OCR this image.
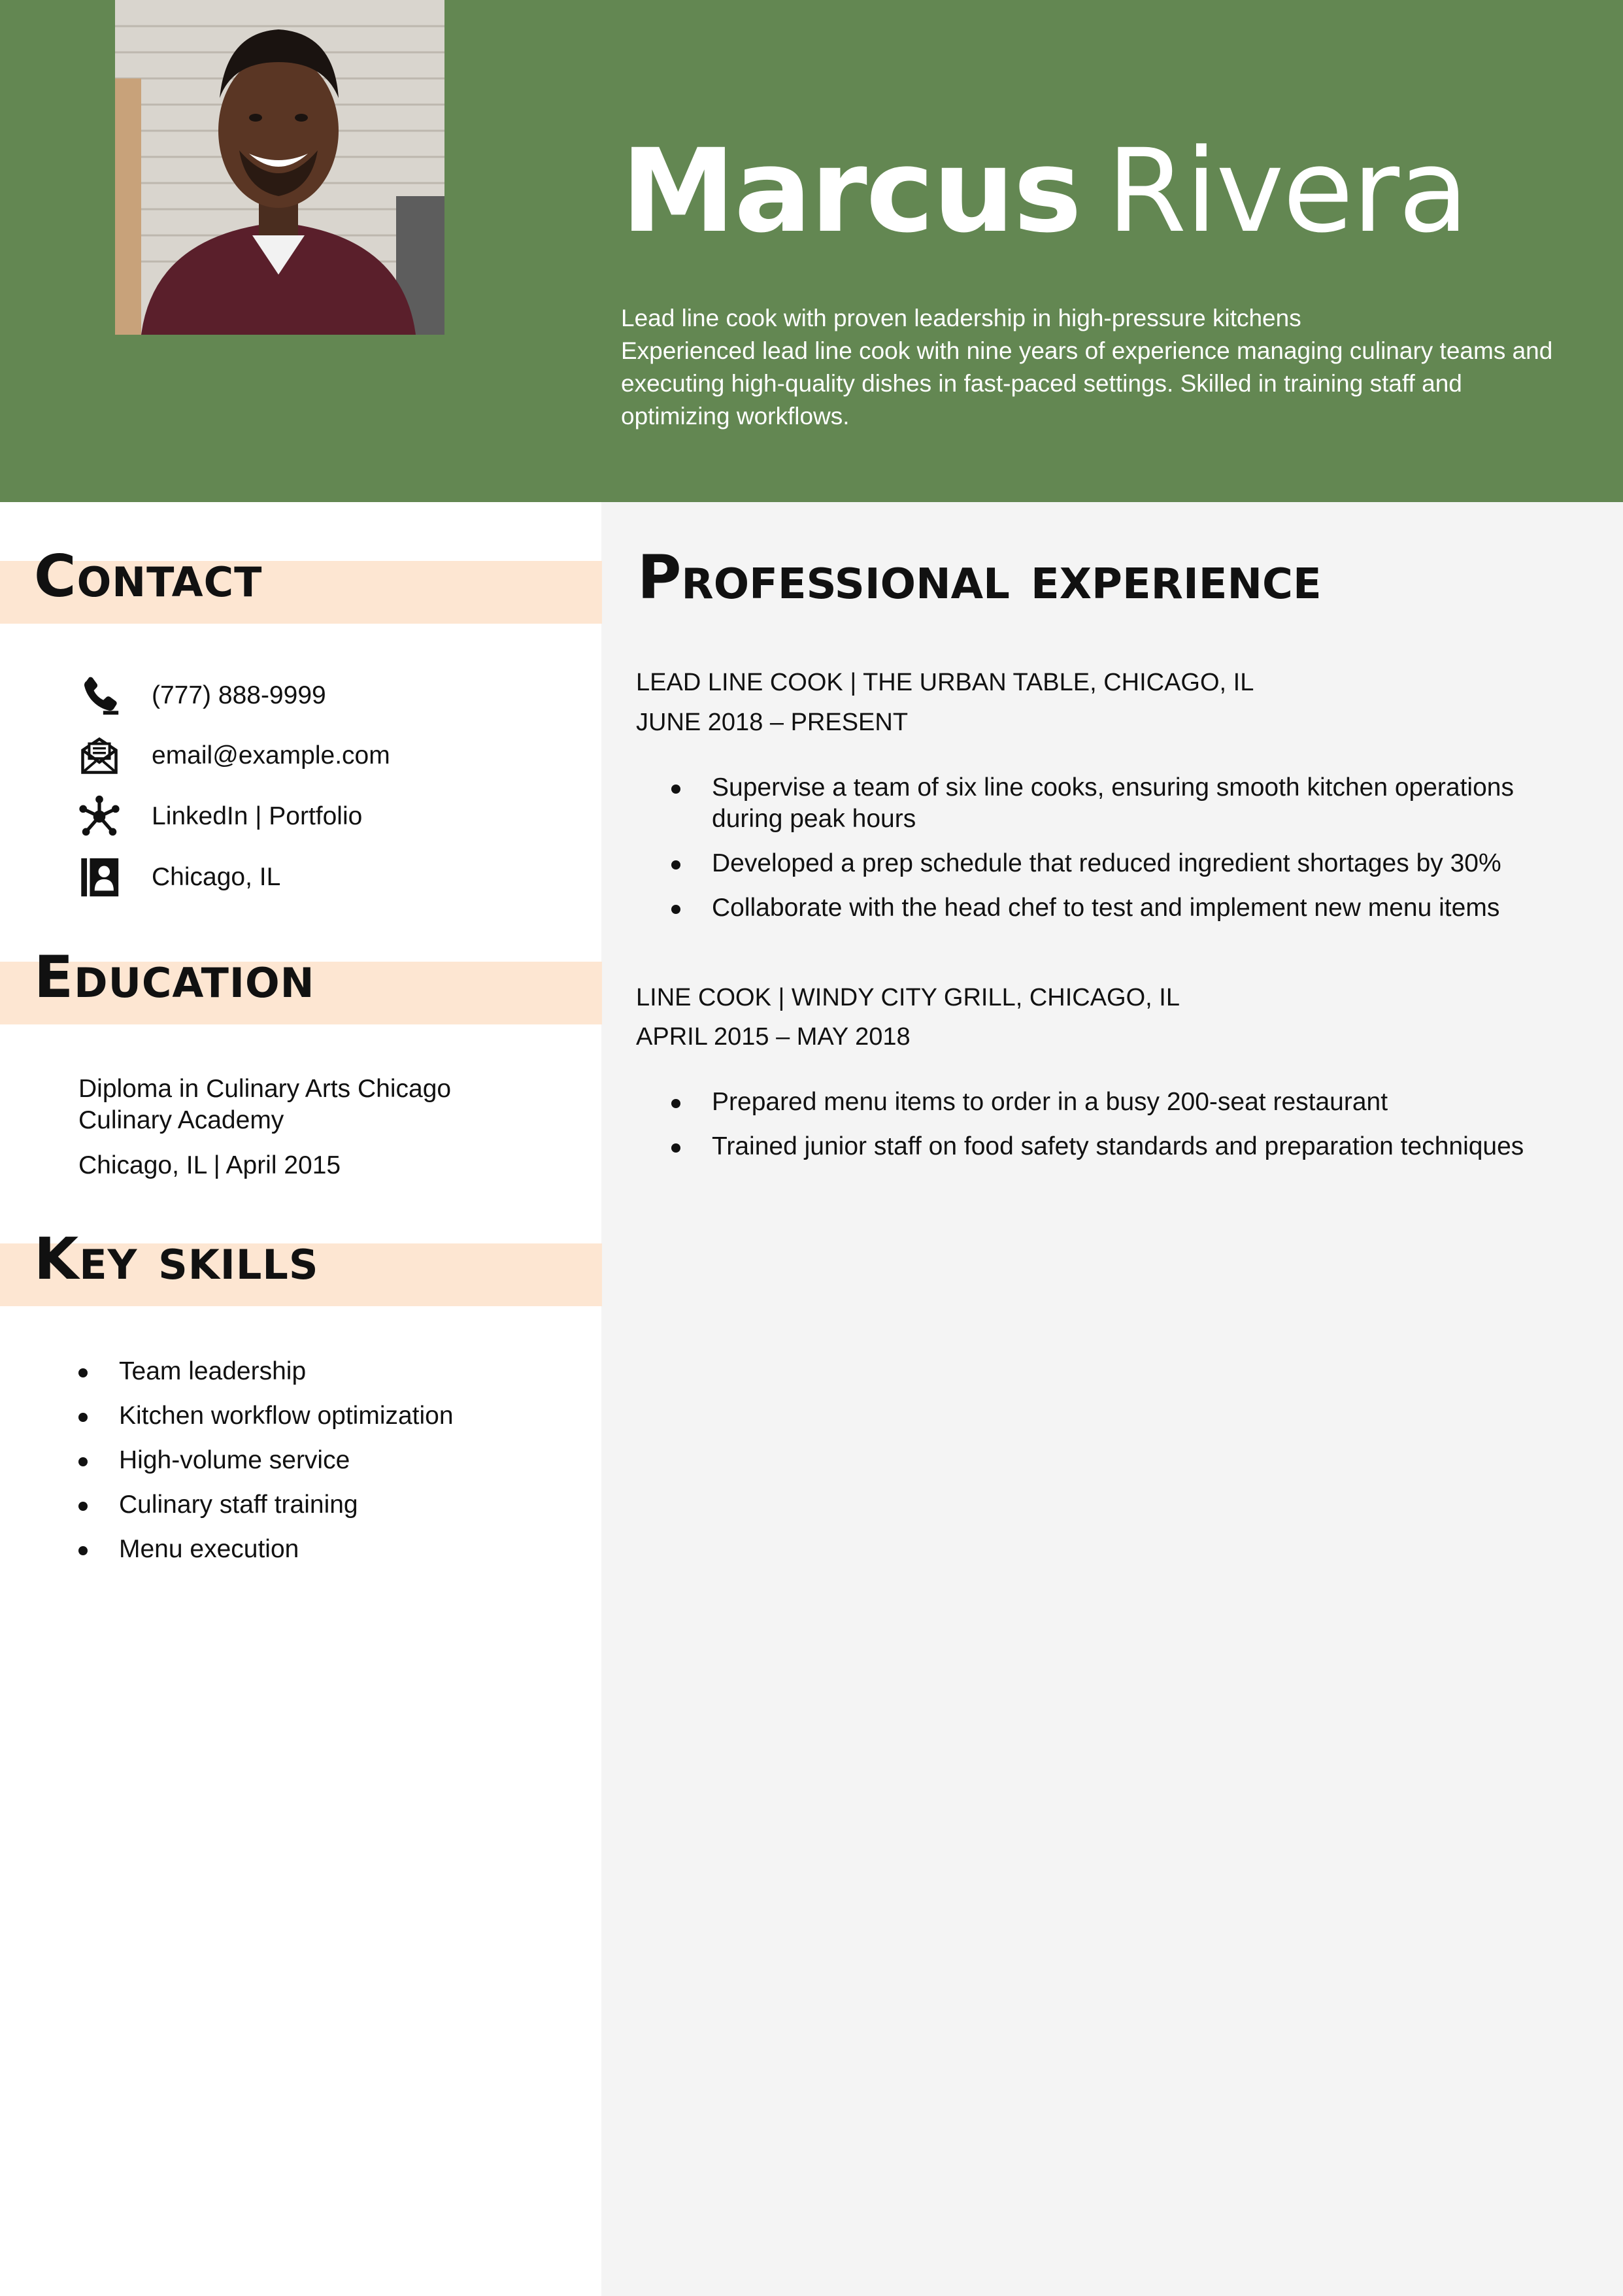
Marcus Rivera

Lead line cook with proven leadership in high-pressure kitchens

Experienced lead line cook with nine years of experience managing culinary teams and executing high-quality dishes in fast-paced settings. Skilled in training staff and optimizing workflows.

Contact
(777) 888-9999
email@example.com
LinkedIn | Portfolio
Chicago, IL
Education
Diploma in Culinary Arts Chicago Culinary Academy
Chicago, IL | April 2015
Key skills
Team leadership
Kitchen workflow optimization
High-volume service
Culinary staff training
Menu execution
Professional experience
LEAD LINE COOK | THE URBAN TABLE, CHICAGO, IL
JUNE 2018 – PRESENT
Supervise a team of six line cooks, ensuring smooth kitchen operations during peak hours
Developed a prep schedule that reduced ingredient shortages by 30%
Collaborate with the head chef to test and implement new menu items
LINE COOK | WINDY CITY GRILL, CHICAGO, IL
APRIL 2015 – MAY 2018
Prepared menu items to order in a busy 200-seat restaurant
Trained junior staff on food safety standards and preparation techniques
